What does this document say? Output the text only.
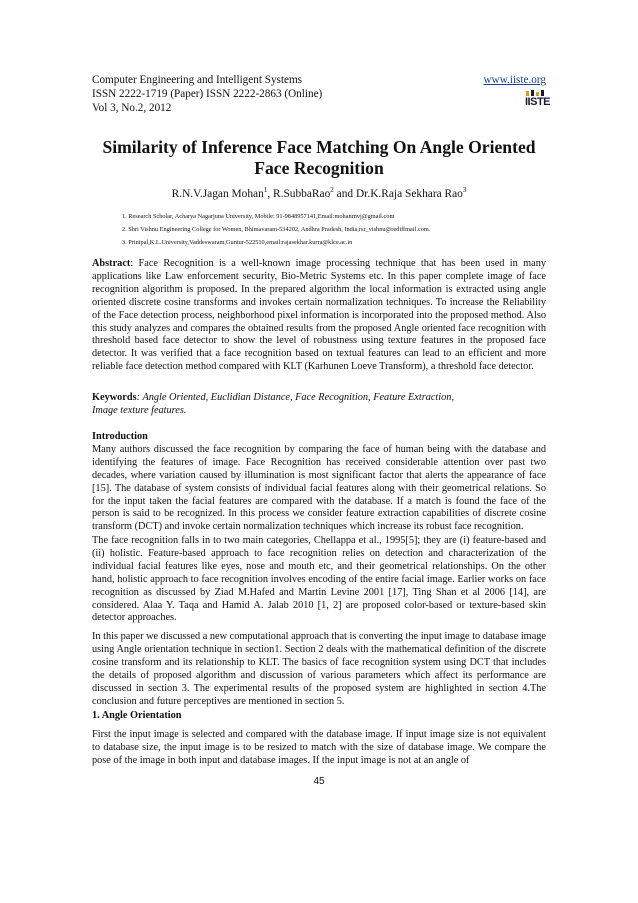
Computer Engineering and Intelligent Systems
ISSN 2222-1719 (Paper) ISSN 2222-2863 (Online)
Vol 3, No.2, 2012
www.iiste.org
IISTE
Similarity of Inference Face Matching On Angle Oriented Face Recognition
R.N.V.Jagan Mohan$^1$, R.SubbaRao$^2$ and Dr.K.Raja Sekhara Rao$^3$
1. Research Scholar, Acharya Nagarjuna University, Mobile: 91-9848957141,Email:mohanrnvj@gmail.com
2. Shri Vishnu Engineering College for Women, Bhimavaram-534202, Andhra Pradesh, India,rsr_vishnu@rediffmail.com.
3. Prinipal,K.L.University,Vaddeswaram,Guntur-522510,email:rajasekhar.kurra@klce.ac.in

Abstract: Face Recognition is a well-known image processing technique that has been used in many applications like Law enforcement security, Bio-Metric Systems etc. In this paper complete image of face recognition algorithm is proposed. In the prepared algorithm the local information is extracted using angle oriented discrete cosine transforms and invokes certain normalization techniques. To increase the Reliability of the Face detection process, neighborhood pixel information is incorporated into the proposed method. Also this study analyzes and compares the obtained results from the proposed Angle oriented face recognition with threshold based face detector to show the level of robustness using texture features in the proposed face detector. It was verified that a face recognition based on textual features can lead to an efficient and more reliable face detection method compared with KLT (Karhunen Loeve Transform), a threshold face detector.

Keywords: Angle Oriented, Euclidian Distance, Face Recognition, Feature Extraction,
Image texture features.

Introduction

Many authors discussed the face recognition by comparing the face of human being with the database and identifying the features of image. Face Recognition has received considerable attention over past two decades, where variation caused by illumination is most significant factor that alerts the appearance of face [15]. The database of system consists of individual facial features along with their geometrical relations. So for the input taken the facial features are compared with the database. If a match is found the face of the person is said to be recognized. In this process we consider feature extraction capabilities of discrete cosine transform (DCT) and invoke certain normalization techniques which increase its robust face recognition.

The face recognition falls in to two main categories, Chellappa et al., 1995[5]; they are (i) feature-based and (ii) holistic. Feature-based approach to face recognition relies on detection and characterization of the individual facial features like eyes, nose and mouth etc, and their geometrical relationships. On the other hand, holistic approach to face recognition involves encoding of the entire facial image. Earlier works on face recognition as discussed by Ziad M.Hafed and Martin Levine 2001 [17], Ting Shan et al 2006 [14], are considered. Alaa Y. Taqa and Hamid A. Jalab 2010 [1, 2] are proposed color-based or texture-based skin detector approaches.
In this paper we discussed a new computational approach that is converting the input image to database image using Angle orientation technique in section1. Section 2 deals with the mathematical definition of the discrete cosine transform and its relationship to KLT. The basics of face recognition system using DCT that includes the details of proposed algorithm and discussion of various parameters which affect its performance are discussed in section 3. The experimental results of the proposed system are highlighted in section 4.The conclusion and future perceptives are mentioned in section 5.
1. Angle Orientation

First the input image is selected and compared with the database image. If input image size is not equivalent to database size, the input image is to be resized to match with the size of database image. We compare the pose of the image in both input and database images. If the input image is not at an angle of

45
